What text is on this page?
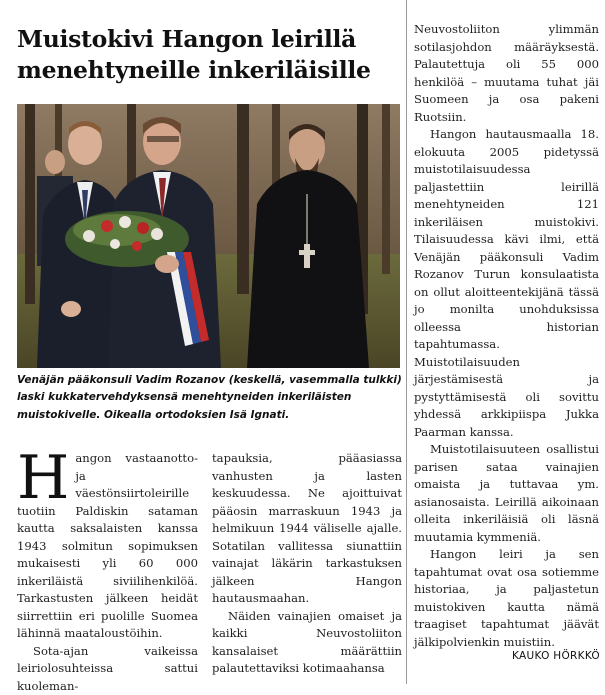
Muistokivi Hangon leirillä menehtyneille inkeriläisille
Venäjän pääkonsuli Vadim Rozanov (keskellä, vasemmalla tulkki) laski kukkatervehdyksensä menehtyneiden inkeriläisten muistokivelle. Oikealla ortodoksien Isä Ignati.

Hangon vastaanotto- ja väestönsiirtoleirille tuotiin Paldiskin sataman kautta saksalaisten kanssa 1943 solmitun sopimuksen mukaisesti yli 60 000 inkeriläistä siviilihenkilöä. Tarkastusten jälkeen heidät siirrettiin eri puolille Suomea lähinnä maataloustöihin.

Sota-ajan vaikeissa leiriolosuhteissa sattui kuoleman-

tapauksia, pääasiassa vanhusten ja lasten keskuudessa. Ne ajoittuivat pääosin marraskuun 1943 ja helmikuun 1944 väliselle ajalle. Sotatilan vallitessa siunattiin vainajat läkärin tarkastuksen jälkeen Hangon hautausmaahan.

Näiden vainajien omaiset ja kaikki Neuvostoliiton kansalaiset määrättiin palautettaviksi kotimaahansa

Neuvostoliiton ylimmän sotilasjohdon määräyksestä. Palautettuja oli 55 000 henkilöä – muutama tuhat jäi Suomeen ja osa pakeni Ruotsiin.

Hangon hautausmaalla 18. elokuuta 2005 pidetyssä muistotilaisuudessa paljastettiin leirillä menehtyneiden 121 inkeriläisen muistokivi. Tilaisuudessa kävi ilmi, että Venäjän pääkonsuli Vadim Rozanov Turun konsulaatista on ollut aloitteentekijänä tässä jo monilta unohduksissa olleessa historian tapahtumassa. Muistotilaisuuden järjestämisestä ja pystyttämisestä oli sovittu yhdessä arkkipiispa Jukka Paarman kanssa.

Muistotilaisuuteen osallistui parisen sataa vainajien omaista ja tuttavaa ym. asianosaista. Leirillä aikoinaan olleita inkeriläisiä oli läsnä muutamia kymmeniä.

Hangon leiri ja sen tapahtumat ovat osa sotiemme historiaa, ja paljastetun muistokiven kautta nämä traagiset tapahtumat jäävät jälkipolvienkin muistiin.

KAUKO HÖRKKÖ
